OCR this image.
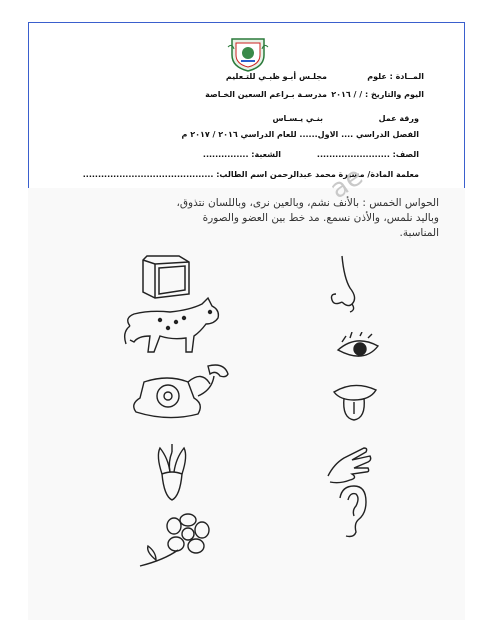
مجلـس أبـو ظبـي للتـعليم	المــادة : علوم
مدرسـة بـراعم السعين الخـاصة اليوم والتاريخ : / / ٢٠١٦
بنـي يـسـاس	ورقة عمل
الفصل الدراسي .... الاول...... للعام الدراسي ٢٠١٦ / ٢٠١٧ م
الصف: ........................
الشعبة: ...............
معلمة المادة/ مشيرة محمد عبدالرحمن اسم الطالب: ...........................................
ae
الحواس الخمس : بالأنف نشم، وبالعين نرى، وباللسان نتذوق، وباليد نلمس، والأذن نسمع. مد خط بين العضو والصورة المناسبة.
